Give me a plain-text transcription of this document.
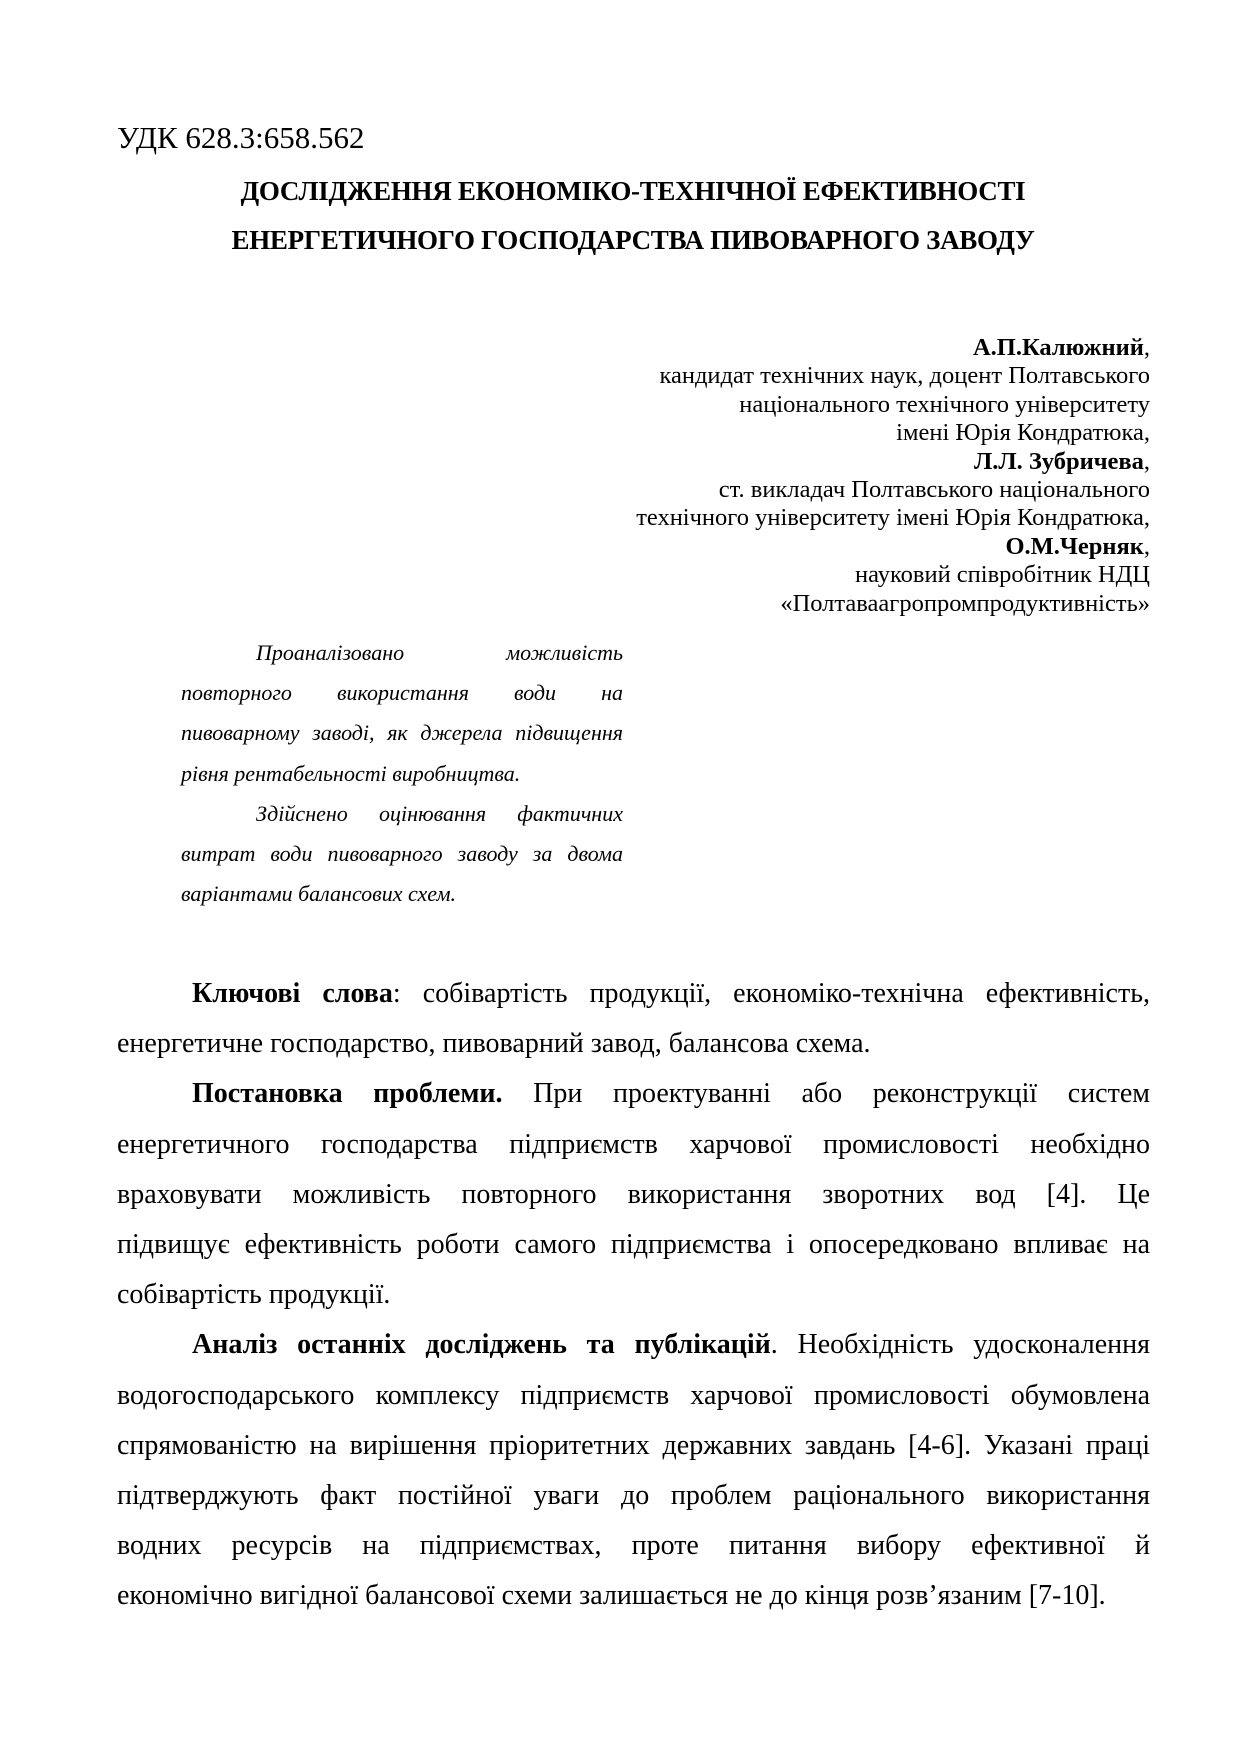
УДК 628.3:658.562
ДОСЛІДЖЕННЯ ЕКОНОМІКО-ТЕХНІЧНОЇ ЕФЕКТИВНОСТІ
ЕНЕРГЕТИЧНОГО ГОСПОДАРСТВА ПИВОВАРНОГО ЗАВОДУ
А.П.Калюжний,
кандидат технічних наук, доцент Полтавського
національного технічного університету
імені Юрія Кондратюка,
Л.Л. Зубричева,
ст. викладач Полтавського національного
технічного університету імені Юрія Кондратюка,
О.М.Черняк,
науковий співробітник НДЦ
«Полтаваагропромпродуктивність»
Проаналізовано можливість
повторного використання води на
пивоварному заводі, як джерела підвищення
рівня рентабельності виробництва.
Здійснено оцінювання фактичних
витрат води пивоварного заводу за двома
варіантами балансових схем.
Ключові слова: собівартість продукції, економіко-технічна ефективність,
енергетичне господарство, пивоварний завод, балансова схема.
Постановка проблеми. При проектуванні або реконструкції систем
енергетичного господарства підприємств харчової промисловості необхідно
враховувати можливість повторного використання зворотних вод [4]. Це
підвищує ефективність роботи самого підприємства і опосередковано впливає на
собівартість продукції.
Аналіз останніх досліджень та публікацій. Необхідність удосконалення
водогосподарського комплексу підприємств харчової промисловості обумовлена
спрямованістю на вирішення пріоритетних державних завдань [4-6]. Указані праці
підтверджують факт постійної уваги до проблем раціонального використання
водних ресурсів на підприємствах, проте питання вибору ефективної й
економічно вигідної балансової схеми залишається не до кінця розв’язаним [7-10].
